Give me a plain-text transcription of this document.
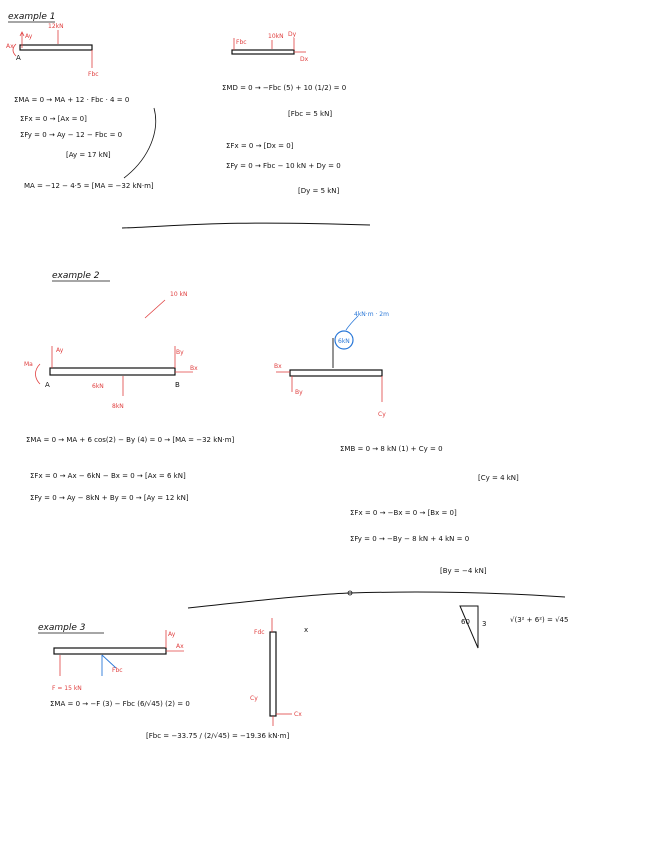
example 1
Ay
12kN
Fbc
Ax
A
Fbc
10kN Dy
Dx
ΣMA = 0 → MA + 12 · Fbc · 4 = 0
ΣFx = 0 → [Ax = 0]
ΣFy = 0 → Ay − 12 − Fbc = 0
[Ay = 17 kN]
MA = −12 − 4·5 = [MA = −32 kN·m]
ΣMD = 0 → −Fbc (5) + 10 (1/2) = 0
[Fbc = 5 kN]
ΣFx = 0 → [Dx = 0]
ΣFy = 0 → Fbc − 10 kN + Dy = 0
[Dy = 5 kN]
example 2
10 kN
Ay
Ma
By
Bx
8kN
6kN
A	B
6kN
4kN·m · 2m
Bx
By
Cy
ΣMA = 0 → MA + 6 cos(2) − By (4) = 0 → [MA = −32 kN·m]
ΣFx = 0 → Ax − 6kN − Bx = 0 → [Ax = 6 kN]
ΣFy = 0 → Ay − 8kN + By = 0 → [Ay = 12 kN]
ΣMB = 0 → 8 kN (1) + Cy = 0
[Cy = 4 kN]
ΣFx = 0 → −Bx = 0 → [Bx = 0]
ΣFy = 0 → −By − 8 kN + 4 kN = 0
[By = −4 kN]
example 3
Ay
Ax
F = 15 kN
Fbc
Fdc
Cx
Cy
x
60 3	√(3² + 6²) = √45
ΣMA = 0 → −F (3) − Fbc (6/√45) (2) = 0
[Fbc = −33.75 / (2/√45) = −19.36 kN·m]
